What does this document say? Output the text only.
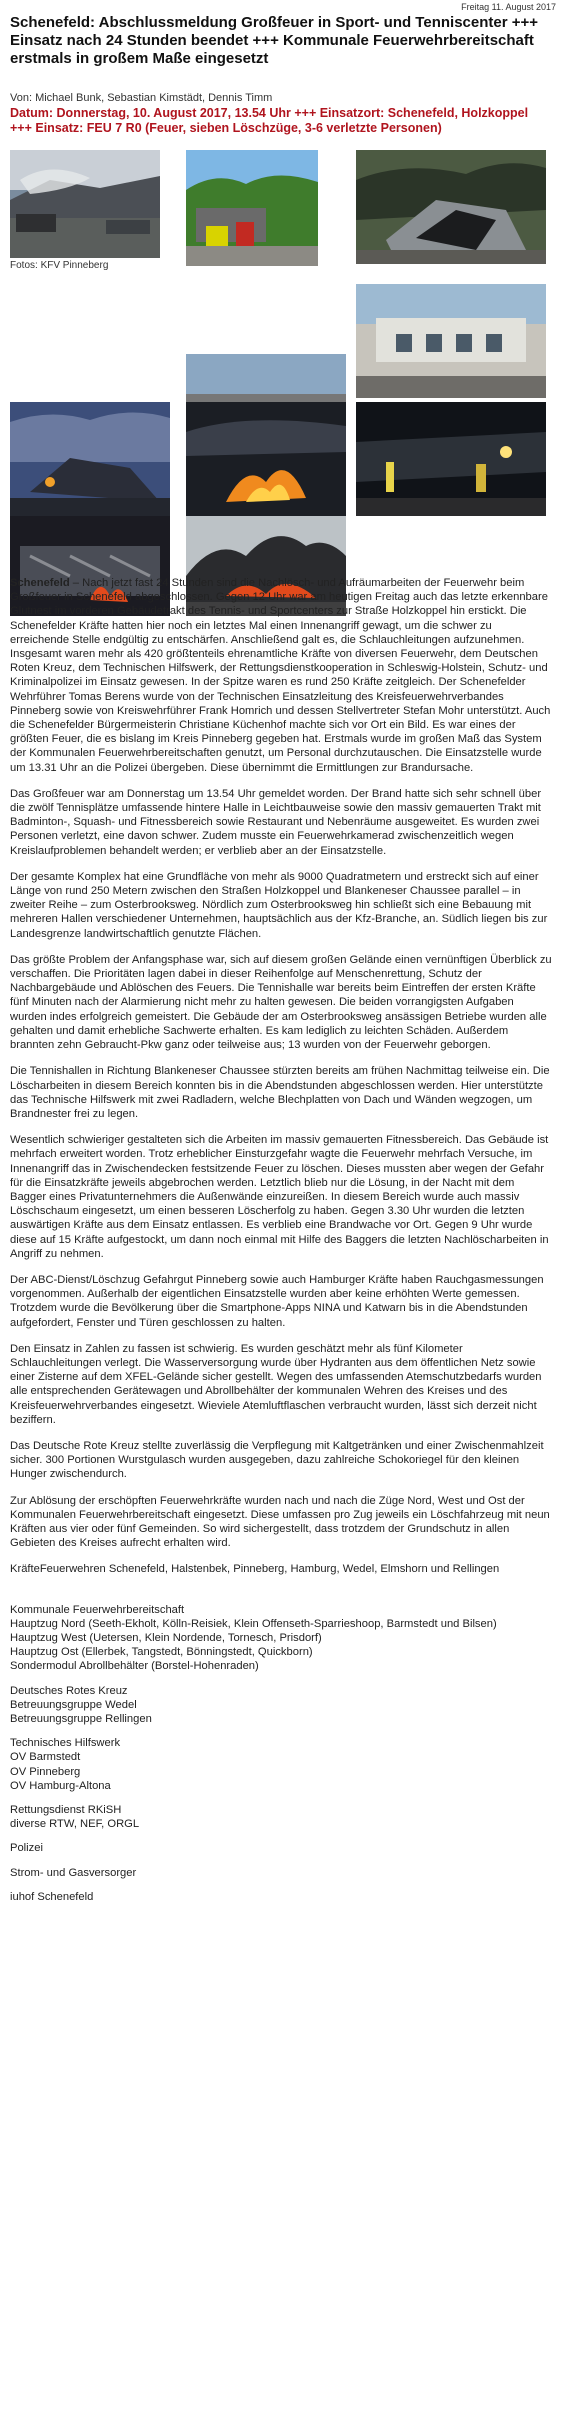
Freitag 11. August 2017
Schenefeld: Abschlussmeldung Großfeuer in Sport- und Tenniscenter +++ Einsatz nach 24 Stunden beendet +++ Kommunale Feuerwehrbereitschaft erstmals in großem Maße eingesetzt
Von: Michael Bunk, Sebastian Kimstädt, Dennis Timm
Datum: Donnerstag, 10. August 2017, 13.54 Uhr +++ Einsatzort: Schenefeld, Holzkoppel +++ Einsatz: FEU 7 R0 (Feuer, sieben Löschzüge, 3-6 verletzte Personen)
Fotos: KFV Pinneberg

Schenefeld – Nach jetzt fast 24 Stunden sind die Nachlösch- und Aufräumarbeiten der Feuerwehr beim Großfeuer in Schenefeld abgeschlossen. Gegen 12 Uhr war am heutigen Freitag auch das letzte erkennbare Glutnest im vorderen Gebäudetrakt des Tennis- und Sportcenters zur Straße Holzkoppel hin erstickt. Die Schenefelder Kräfte hatten hier noch ein letztes Mal einen Innenangriff gewagt, um die schwer zu erreichende Stelle endgültig zu entschärfen. Anschließend galt es, die Schlauchleitungen aufzunehmen. Insgesamt waren mehr als 420 größtenteils ehrenamtliche Kräfte von diversen Feuerwehr, dem Deutschen Roten Kreuz, dem Technischen Hilfswerk, der Rettungsdienstkooperation in Schleswig-Holstein, Schutz- und Kriminalpolizei im Einsatz gewesen. In der Spitze waren es rund 250 Kräfte zeitgleich. Der Schenefelder Wehrführer Tomas Berens wurde von der Technischen Einsatzleitung des Kreisfeuerwehrverbandes Pinneberg sowie von Kreiswehrführer Frank Homrich und dessen Stellvertreter Stefan Mohr unterstützt. Auch die Schenefelder Bürgermeisterin Christiane Küchenhof machte sich vor Ort ein Bild. Es war eines der größten Feuer, die es bislang im Kreis Pinneberg gegeben hat. Erstmals wurde im großen Maß das System der Kommunalen Feuerwehrbereitschaften genutzt, um Personal durchzutauschen. Die Einsatzstelle wurde um 13.31 Uhr an die Polizei übergeben. Diese übernimmt die Ermittlungen zur Brandursache.

Das Großfeuer war am Donnerstag um 13.54 Uhr gemeldet worden. Der Brand hatte sich sehr schnell über die zwölf Tennisplätze umfassende hintere Halle in Leichtbauweise sowie den massiv gemauerten Trakt mit Badminton-, Squash- und Fitnessbereich sowie Restaurant und Nebenräume ausgeweitet. Es wurden zwei Personen verletzt, eine davon schwer. Zudem musste ein Feuerwehrkamerad zwischenzeitlich wegen Kreislaufproblemen behandelt werden; er verblieb aber an der Einsatzstelle.

Der gesamte Komplex hat eine Grundfläche von mehr als 9000 Quadratmetern und erstreckt sich auf einer Länge von rund 250 Metern zwischen den Straßen Holzkoppel und Blankeneser Chaussee parallel – in zweiter Reihe – zum Osterbrooksweg. Nördlich zum Osterbrooksweg hin schließt sich eine Bebauung mit mehreren Hallen verschiedener Unternehmen, hauptsächlich aus der Kfz-Branche, an. Südlich liegen bis zur Landesgrenze landwirtschaftlich genutzte Flächen.

Das größte Problem der Anfangsphase war, sich auf diesem großen Gelände einen vernünftigen Überblick zu verschaffen. Die Prioritäten lagen dabei in dieser Reihenfolge auf Menschenrettung, Schutz der Nachbargebäude und Ablöschen des Feuers. Die Tennishalle war bereits beim Eintreffen der ersten Kräfte fünf Minuten nach der Alarmierung nicht mehr zu halten gewesen. Die beiden vorrangigsten Aufgaben wurden indes erfolgreich gemeistert. Die Gebäude der am Osterbrooksweg ansässigen Betriebe wurden alle gehalten und damit erhebliche Sachwerte erhalten. Es kam lediglich zu leichten Schäden. Außerdem brannten zehn Gebraucht-Pkw ganz oder teilweise aus; 13 wurden von der Feuerwehr geborgen.

Die Tennishallen in Richtung Blankeneser Chaussee stürzten bereits am frühen Nachmittag teilweise ein. Die Löscharbeiten in diesem Bereich konnten bis in die Abendstunden abgeschlossen werden. Hier unterstützte das Technische Hilfswerk mit zwei Radladern, welche Blechplatten von Dach und Wänden wegzogen, um Brandnester frei zu legen.

Wesentlich schwieriger gestalteten sich die Arbeiten im massiv gemauerten Fitnessbereich. Das Gebäude ist mehrfach erweitert worden. Trotz erheblicher Einsturzgefahr wagte die Feuerwehr mehrfach Versuche, im Innenangriff das in Zwischendecken festsitzende Feuer zu löschen. Dieses mussten aber wegen der Gefahr für die Einsatzkräfte jeweils abgebrochen werden. Letztlich blieb nur die Lösung, in der Nacht mit dem Bagger eines Privatunternehmers die Außenwände einzureißen. In diesem Bereich wurde auch massiv Löschschaum eingesetzt, um einen besseren Löscherfolg zu haben. Gegen 3.30 Uhr wurden die letzten auswärtigen Kräfte aus dem Einsatz entlassen. Es verblieb eine Brandwache vor Ort. Gegen 9 Uhr wurde diese auf 15 Kräfte aufgestockt, um dann noch einmal mit Hilfe des Baggers die letzten Nachlöscharbeiten in Angriff zu nehmen.

Der ABC-Dienst/Löschzug Gefahrgut Pinneberg sowie auch Hamburger Kräfte haben Rauchgasmessungen vorgenommen. Außerhalb der eigentlichen Einsatzstelle wurden aber keine erhöhten Werte gemessen. Trotzdem wurde die Bevölkerung über die Smartphone-Apps NINA und Katwarn bis in die Abendstunden aufgefordert, Fenster und Türen geschlossen zu halten.

Den Einsatz in Zahlen zu fassen ist schwierig. Es wurden geschätzt mehr als fünf Kilometer Schlauchleitungen verlegt. Die Wasserversorgung wurde über Hydranten aus dem öffentlichen Netz sowie einer Zisterne auf dem XFEL-Gelände sicher gestellt. Wegen des umfassenden Atemschutzbedarfs wurden alle entsprechenden Gerätewagen und Abrollbehälter der kommunalen Wehren des Kreises und des Kreisfeuerwehrverbandes eingesetzt. Wieviele Atemluftflaschen verbraucht wurden, lässt sich derzeit nicht beziffern.

Das Deutsche Rote Kreuz stellte zuverlässig die Verpflegung mit Kaltgetränken und einer Zwischenmahlzeit sicher. 300 Portionen Wurstgulasch wurden ausgegeben, dazu zahlreiche Schokoriegel für den kleinen Hunger zwischendurch.

Zur Ablösung der erschöpften Feuerwehrkräfte wurden nach und nach die Züge Nord, West und Ost der Kommunalen Feuerwehrbereitschaft eingesetzt. Diese umfassen pro Zug jeweils ein Löschfahrzeug mit neun Kräften aus vier oder fünf Gemeinden. So wird sichergestellt, dass trotzdem der Grundschutz in allen Gebieten des Kreises aufrecht erhalten wird.

KräfteFeuerwehren Schenefeld, Halstenbek, Pinneberg, Hamburg, Wedel, Elmshorn und Rellingen

Kommunale Feuerwehrbereitschaft
Hauptzug Nord (Seeth-Ekholt, Kölln-Reisiek, Klein Offenseth-Sparrieshoop, Barmstedt und Bilsen)
Hauptzug West (Uetersen, Klein Nordende, Tornesch, Prisdorf)
Hauptzug Ost (Ellerbek, Tangstedt, Bönningstedt, Quickborn)
Sondermodul Abrollbehälter (Borstel-Hohenraden)

Deutsches Rotes Kreuz
Betreuungsgruppe Wedel
Betreuungsgruppe Rellingen

Technisches Hilfswerk
OV Barmstedt
OV Pinneberg
OV Hamburg-Altona

Rettungsdienst RKiSH
diverse RTW, NEF, ORGL

Polizei

Strom- und Gasversorger

iuhof Schenefeld
